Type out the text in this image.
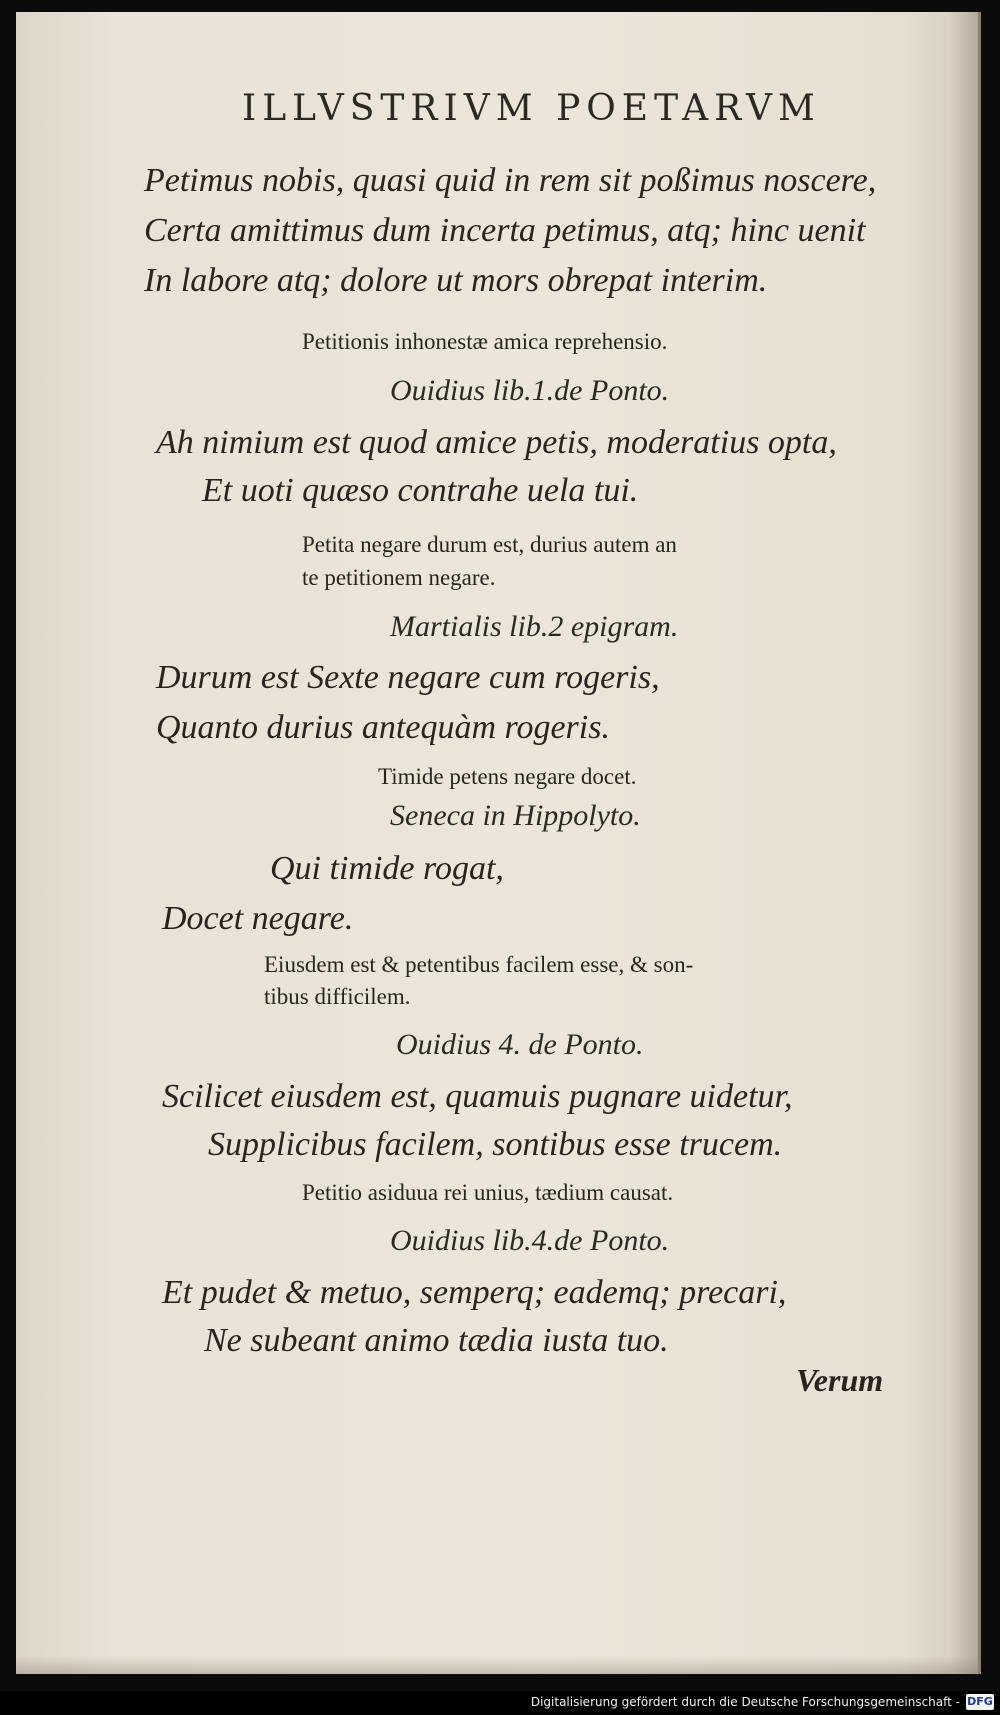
ILLVSTRIVM POETARVM
Petimus nobis, quasi quid in rem sit poßimus noscere,
Certa amittimus dum incerta petimus, atq; hinc uenit
In labore atq; dolore ut mors obrepat interim.
Petitionis inhonestæ amica reprehensio.
Ouidius lib.1.de Ponto.
Ah nimium est quod amice petis, moderatius opta,
Et uoti quæso contrahe uela tui.
Petita negare durum est, durius autem an
te petitionem negare.
Martialis lib.2 epigram.
Durum est Sexte negare cum rogeris,
Quanto durius antequàm rogeris.
Timide petens negare docet.
Seneca in Hippolyto.
Qui timide rogat,
Docet negare.
Eiusdem est & petentibus facilem esse, & son-
tibus difficilem.
Ouidius 4. de Ponto.
Scilicet eiusdem est, quamuis pugnare uidetur,
Supplicibus facilem, sontibus esse trucem.
Petitio asiduua rei unius, tædium causat.
Ouidius lib.4.de Ponto.
Et pudet & metuo, semperq; eademq; precari,
Ne subeant animo tædia iusta tuo.
Verum
Digitalisierung gefördert durch die Deutsche Forschungsgemeinschaft - DFG
